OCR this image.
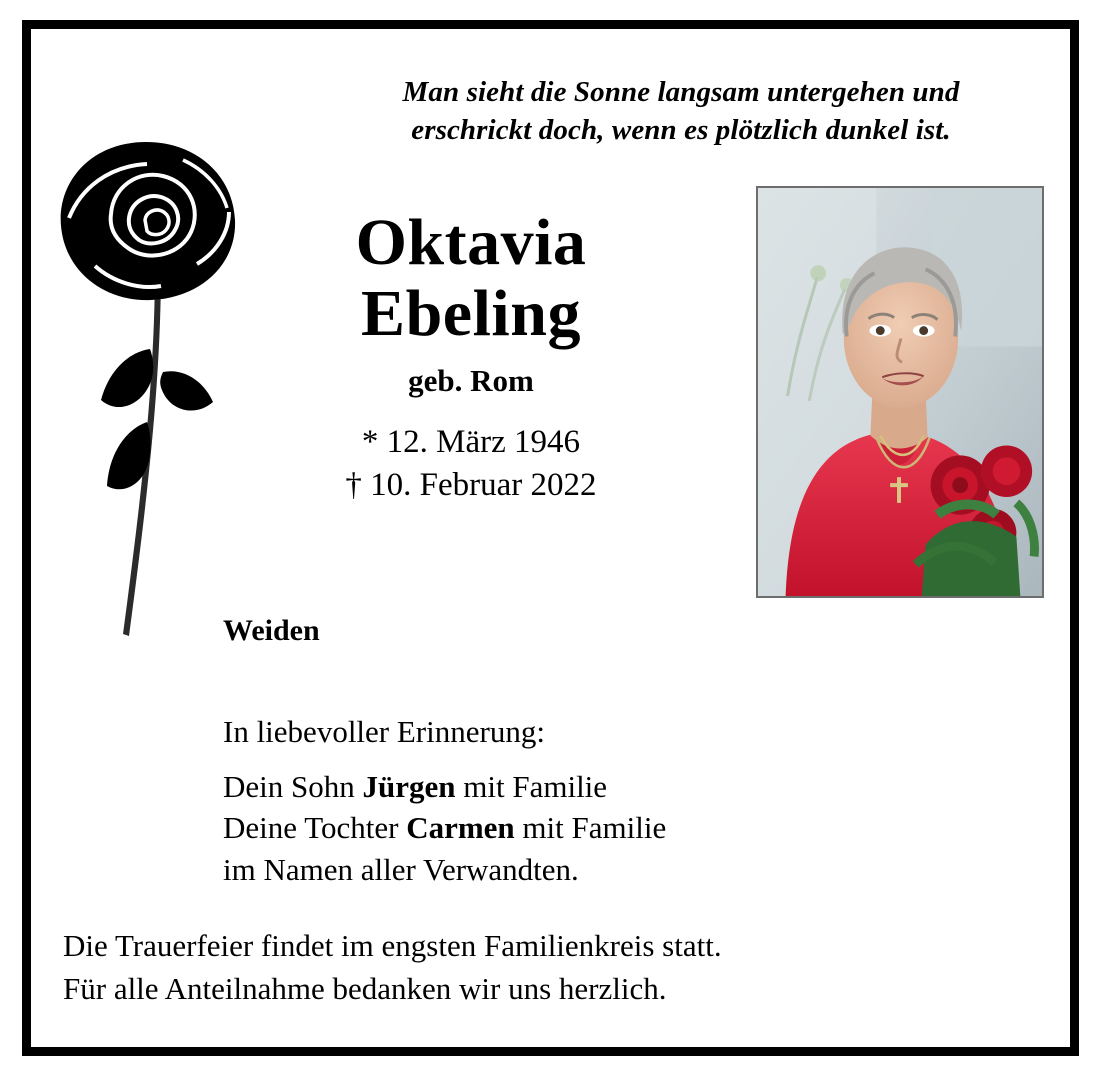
Man sieht die Sonne langsam untergehen und
erschrickt doch, wenn es plötzlich dunkel ist.
Oktavia
Ebeling
geb. Rom
* 12. März 1946
† 10. Februar 2022
Weiden
In liebevoller Erinnerung:
Dein Sohn Jürgen mit Familie
Deine Tochter Carmen mit Familie
im Namen aller Verwandten.
Die Trauerfeier findet im engsten Familienkreis statt.
Für alle Anteilnahme bedanken wir uns herzlich.
